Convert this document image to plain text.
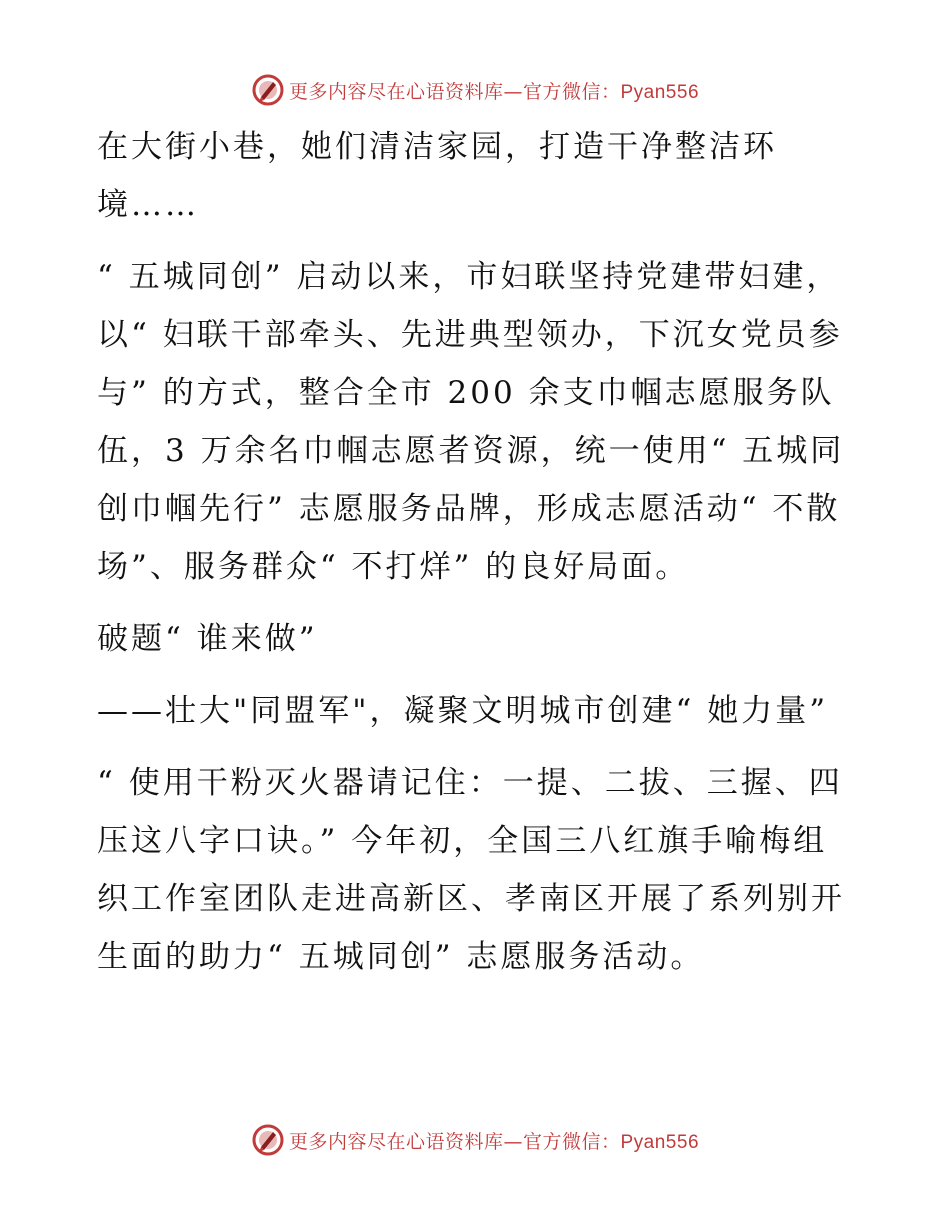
更多内容尽在心语资料库—官方微信：Pyan556

在大街小巷，她们清洁家园，打造干净整洁环境……

“ 五城同创” 启动以来，市妇联坚持党建带妇建，以“ 妇联干部牵头、先进典型领办，下沉女党员参与” 的方式，整合全市 200 余支巾帼志愿服务队伍，3 万余名巾帼志愿者资源，统一使用“ 五城同创巾帼先行” 志愿服务品牌，形成志愿活动“ 不散场”、服务群众“ 不打烊” 的良好局面。

破题“ 谁来做”

——壮大"同盟军"，凝聚文明城市创建“ 她力量”

“ 使用干粉灭火器请记住：一提、二拔、三握、四压这八字口诀。” 今年初，全国三八红旗手喻梅组织工作室团队走进高新区、孝南区开展了系列别开生面的助力“ 五城同创” 志愿服务活动。

更多内容尽在心语资料库—官方微信：Pyan556
